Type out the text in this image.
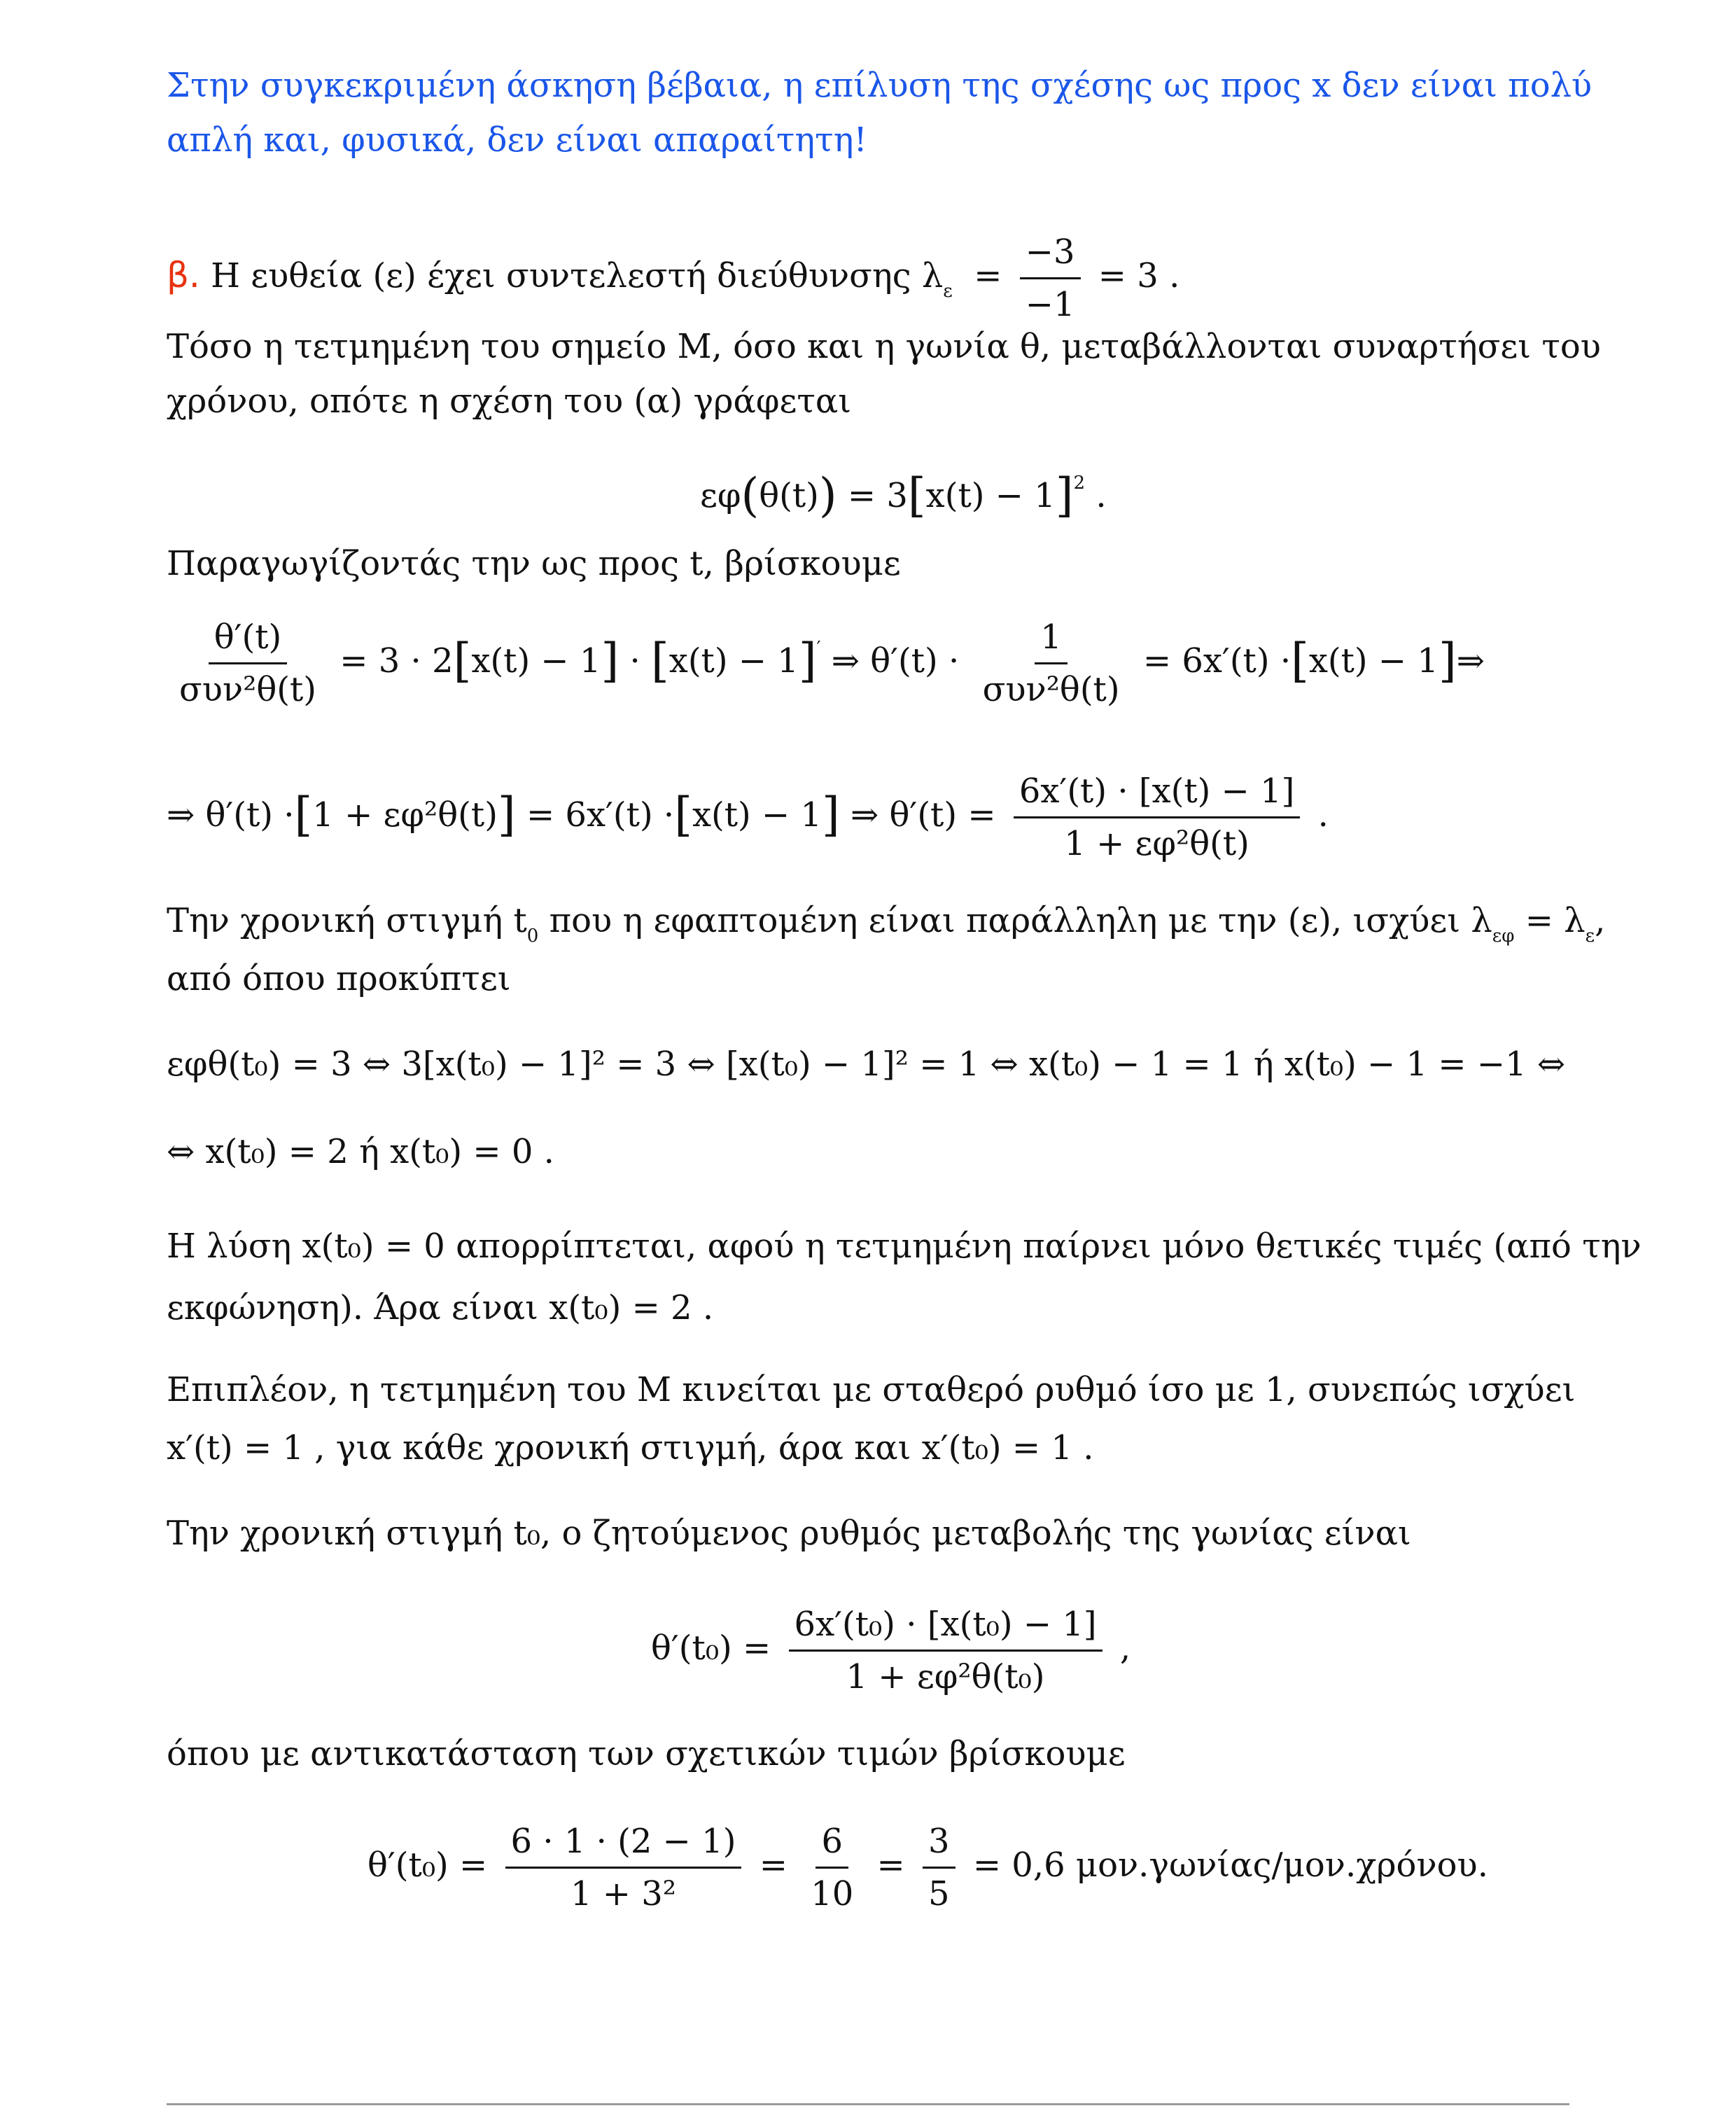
Στην συγκεκριμένη άσκηση βέβαια, η επίλυση της σχέσης ως προς x δεν είναι πολύ
απλή και, φυσικά, δεν είναι απαραίτητη!
β. Η ευθεία (ε) έχει συντελεστή διεύθυνσης $\lambda_\varepsilon = \frac{-3}{-1} = 3$ .
Τόσο η τετμημένη του σημείο Μ, όσο και η γωνία θ, μεταβάλλονται συναρτήσει του
χρόνου, οπότε η σχέση του (α) γράφεται
$\varepsilon\varphi(\theta(t)) = 3[x(t) - 1]^2$ .
Παραγωγίζοντάς την ως προς t, βρίσκουμε
$\frac{\theta'(t)}{\text{συν²θ(t)}} = 3 \cdot 2[x(t) - 1] \cdot [x(t) - 1]'$ ⇒ $\theta'(t) \cdot \frac{1}{\text{συν²θ(t)}} = 6x'(t) \cdot[x(t)$ − 1]⇒
⇒ θ′(t) ·[1 + εφ²θ(t)] = 6x′(t) ·[x(t) − 1] ⇒ $\theta'(t) = \frac{6x'(t) \cdot [x(t) - 1]}{\text{1 + εφ²θ(t)}}$ .
Την χρονική στιγμή $t_0$ που η εφαπτομένη είναι παράλληλη με την (ε), ισχύει $\lambda_{\varepsilon\varphi} = \lambda_\varepsilon$,
από όπου προκύπτει
εφθ(t₀) = 3 ⇔ 3[x(t₀) − 1]² = 3 ⇔ [x(t₀) − 1]² = 1 ⇔ x(t₀) − 1 = 1 ή x(t₀) − 1 = −1 ⇔
⇔ x(t₀) = 2 ή x(t₀) = 0 .
Η λύση x(t₀) = 0 απορρίπτεται, αφού η τετμημένη παίρνει μόνο θετικές τιμές (από την
εκφώνηση). Άρα είναι x(t₀) = 2 .
Επιπλέον, η τετμημένη του Μ κινείται με σταθερό ρυθμό ίσο με 1, συνεπώς ισχύει
x′(t) = 1 , για κάθε χρονική στιγμή, άρα και x′(t₀) = 1 .
Την χρονική στιγμή t₀, ο ζητούμενος ρυθμός μεταβολής της γωνίας είναι
$\theta'(t_0) = \frac{\text{6x′(t₀) · [x(t₀) − 1]}}{\text{1 + εφ²θ(t₀)}}$ ,
όπου με αντικατάσταση των σχετικών τιμών βρίσκουμε
$\theta'(t_0) = \frac{6 \cdot 1 \cdot (2 - 1)}{\text{1 + 3²}} = \frac{6}{10} = \frac{3}{5} = 0,6$ μον.γωνίας/μον.χρόνου.
